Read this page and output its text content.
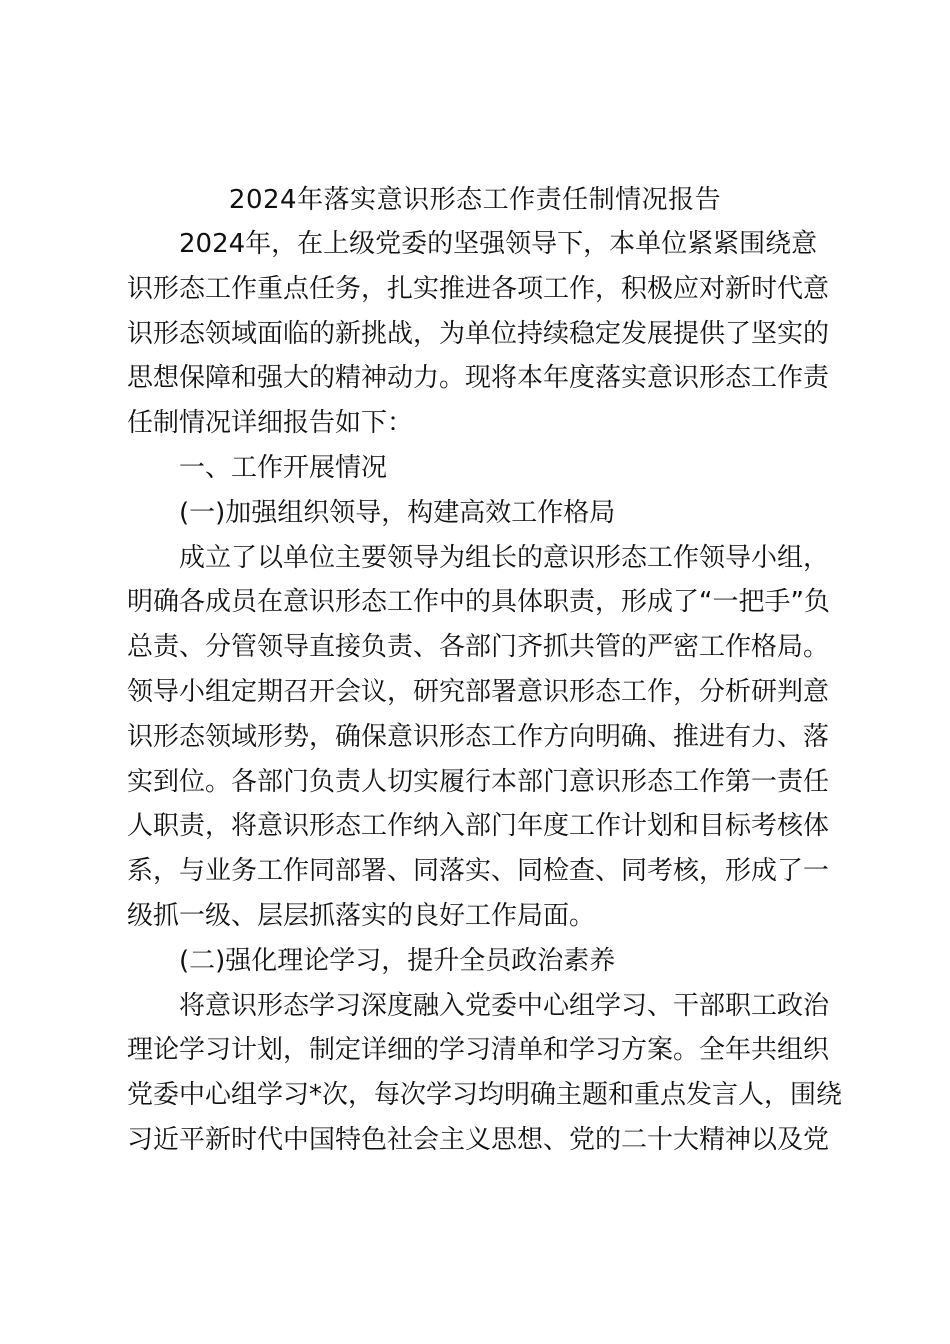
2024年落实意识形态工作责任制情况报告
2024年，在上级党委的坚强领导下，本单位紧紧围绕意
识形态工作重点任务，扎实推进各项工作，积极应对新时代意
识形态领域面临的新挑战，为单位持续稳定发展提供了坚实的
思想保障和强大的精神动力。现将本年度落实意识形态工作责
任制情况详细报告如下：
一、工作开展情况
(一)加强组织领导，构建高效工作格局
成立了以单位主要领导为组长的意识形态工作领导小组，
明确各成员在意识形态工作中的具体职责，形成了“一把手”负
总责、分管领导直接负责、各部门齐抓共管的严密工作格局。
领导小组定期召开会议，研究部署意识形态工作，分析研判意
识形态领域形势，确保意识形态工作方向明确、推进有力、落
实到位。各部门负责人切实履行本部门意识形态工作第一责任
人职责，将意识形态工作纳入部门年度工作计划和目标考核体
系，与业务工作同部署、同落实、同检查、同考核，形成了一
级抓一级、层层抓落实的良好工作局面。
(二)强化理论学习，提升全员政治素养
将意识形态学习深度融入党委中心组学习、干部职工政治
理论学习计划，制定详细的学习清单和学习方案。全年共组织
党委中心组学习*次，每次学习均明确主题和重点发言人，围绕
习近平新时代中国特色社会主义思想、党的二十大精神以及党
